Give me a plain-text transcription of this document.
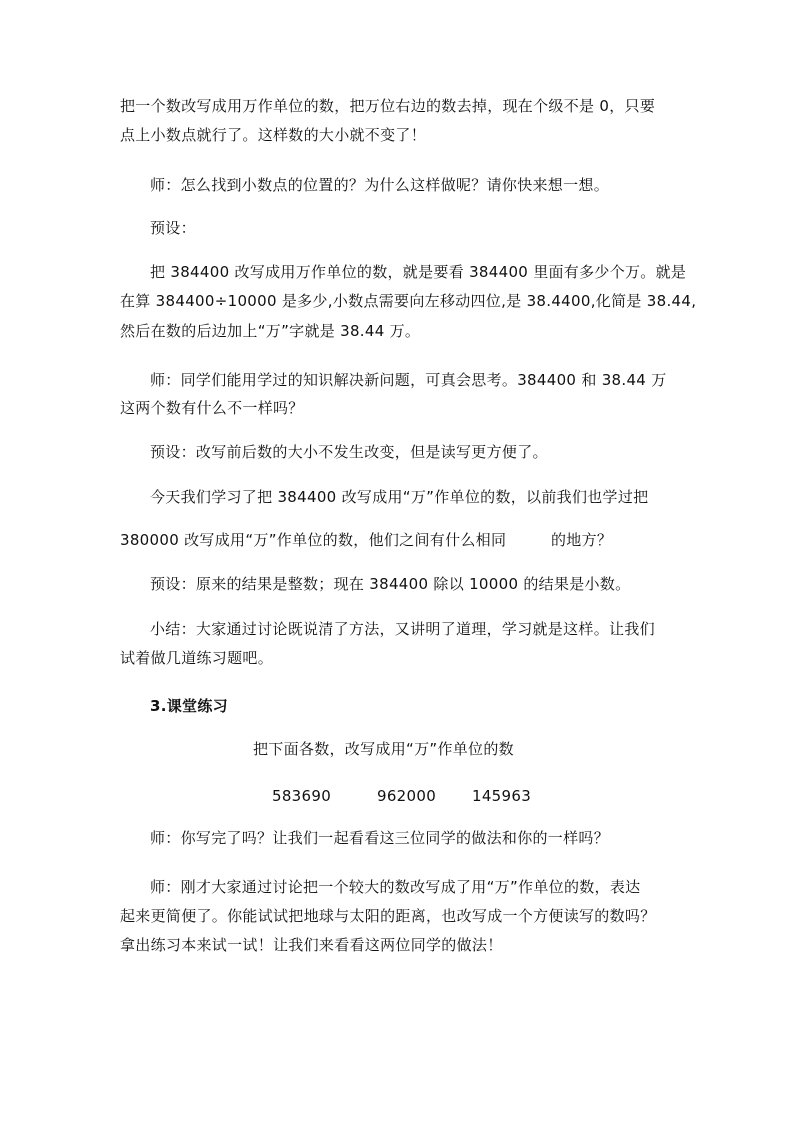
把一个数改写成用万作单位的数，把万位右边的数去掉，现在个级不是 0，只要
点上小数点就行了。这样数的大小就不变了！
师：怎么找到小数点的位置的？为什么这样做呢？请你快来想一想。
预设：
把 384400 改写成用万作单位的数，就是要看 384400 里面有多少个万。就是
在算 384400÷10000 是多少,小数点需要向左移动四位,是 38.4400,化简是 38.44,
然后在数的后边加上“万”字就是 38.44 万。
师：同学们能用学过的知识解决新问题，可真会思考。384400 和 38.44 万
这两个数有什么不一样吗？
预设：改写前后数的大小不发生改变，但是读写更方便了。
今天我们学习了把 384400 改写成用“万”作单位的数，以前我们也学过把
380000 改写成用“万”作单位的数，他们之间有什么相同	的地方？
预设：原来的结果是整数；现在 384400 除以 10000 的结果是小数。
小结：大家通过讨论既说清了方法，又讲明了道理，学习就是这样。让我们
试着做几道练习题吧。
3.课堂练习
把下面各数，改写成用“万”作单位的数
583690	962000 145963
师：你写完了吗？让我们一起看看这三位同学的做法和你的一样吗？
师：刚才大家通过讨论把一个较大的数改写成了用“万”作单位的数，表达
起来更简便了。你能试试把地球与太阳的距离，也改写成一个方便读写的数吗？
拿出练习本来试一试！让我们来看看这两位同学的做法！
